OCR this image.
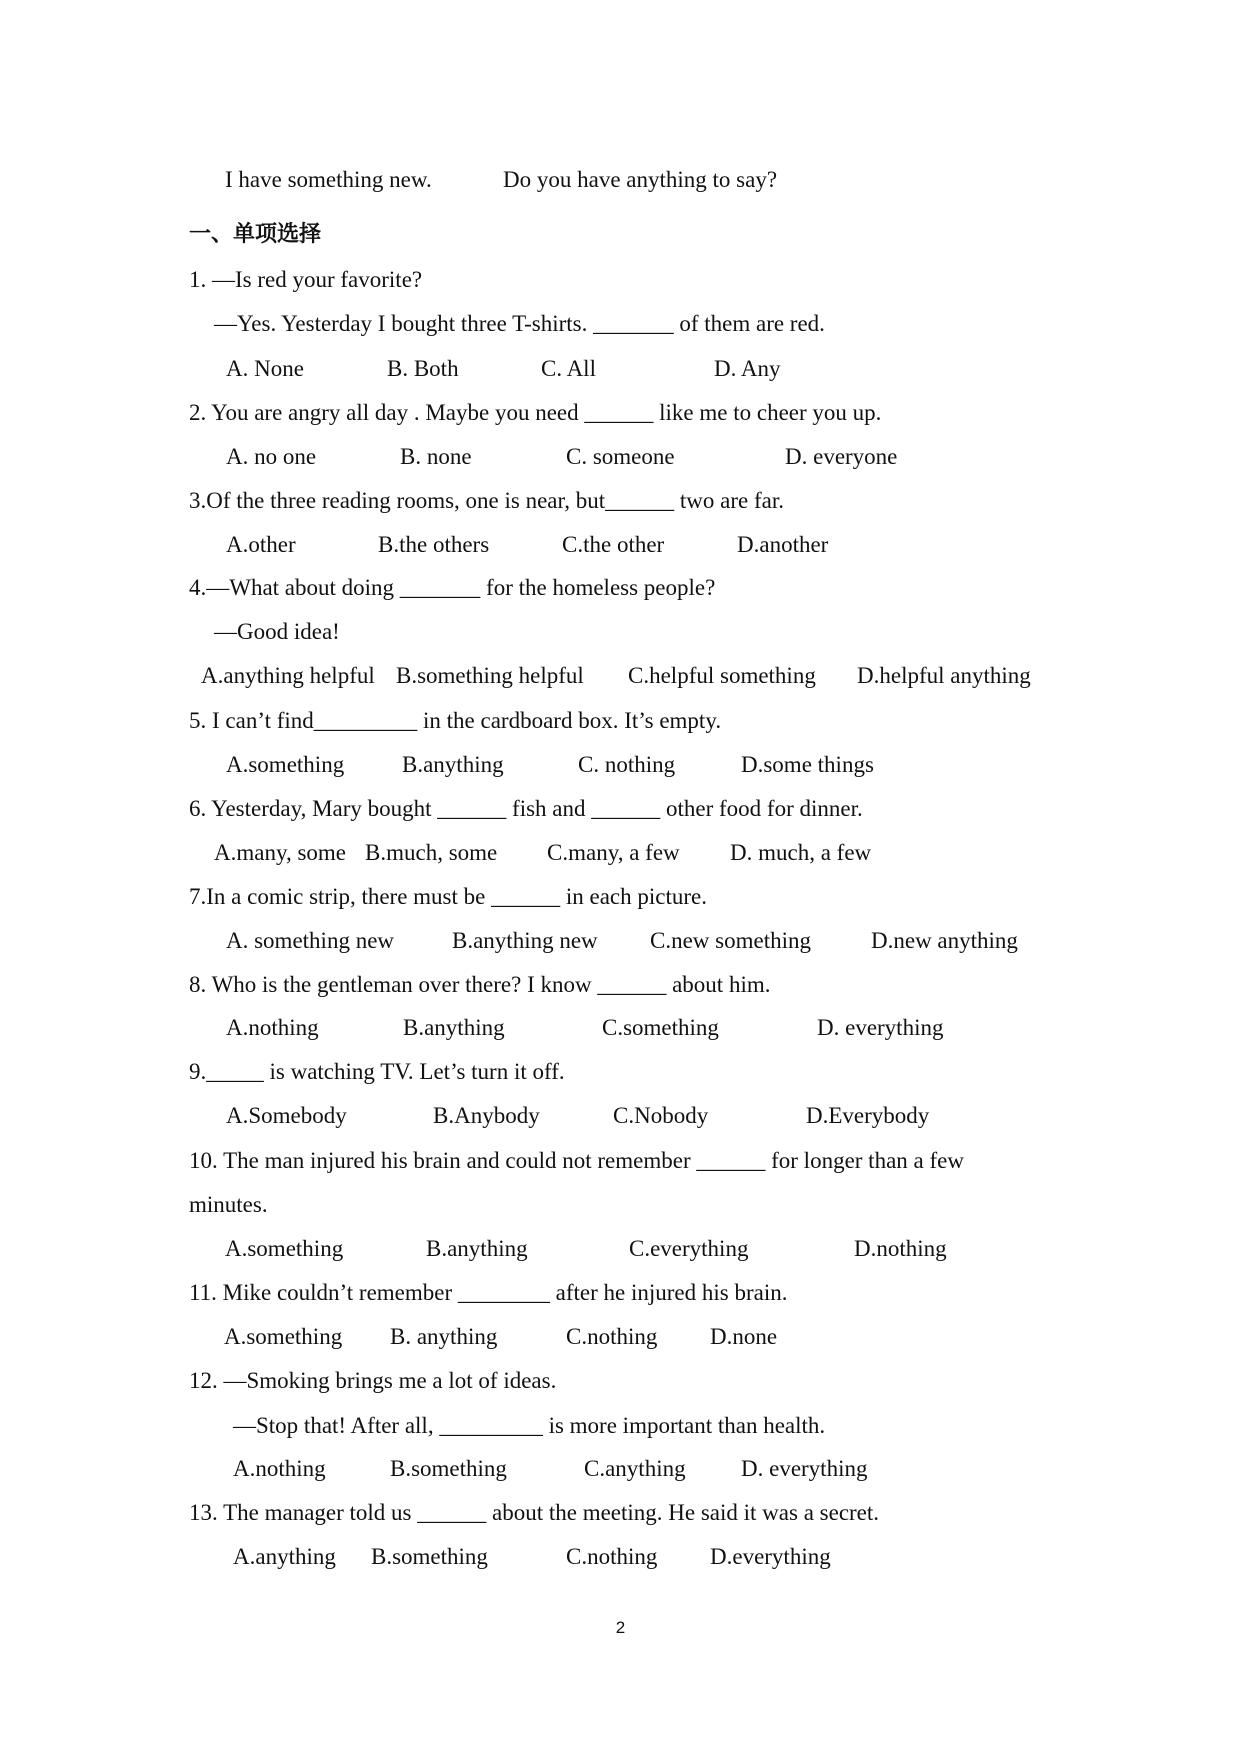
I have something new.	Do you have anything to say?
一、单项选择
1. —Is red your favorite?
—Yes. Yesterday I bought three T-shirts. _______ of them are red.
A. None	B. Both	C. All	D. Any
2. You are angry all day . Maybe you need ______ like me to cheer you up.
A. no one	B. none	C. someone	D. everyone
3.Of the three reading rooms, one is near, but______ two are far.
A.other	B.the others	C.the other	D.another
4.—What about doing _______ for the homeless people?
—Good idea!
A.anything helpful B.something helpful C.helpful something D.helpful anything
5. I can’t find_________ in the cardboard box. It’s empty.
A.something	B.anything	C. nothing	D.some things
6. Yesterday, Mary bought ______ fish and ______ other food for dinner.
A.many, some B.much, some C.many, a few D. much, a few
7.In a comic strip, there must be ______ in each picture.
A. something new	B.anything new C.new something	D.new anything
8. Who is the gentleman over there? I know ______ about him.
A.nothing	B.anything	C.something	D. everything
9._____ is watching TV. Let’s turn it off.
A.Somebody	B.Anybody	C.Nobody	D.Everybody
10. The man injured his brain and could not remember ______ for longer than a few
minutes.
A.something	B.anything	C.everything	D.nothing
11. Mike couldn’t remember ________ after he injured his brain.
A.something B. anything	C.nothing D.none
12. —Smoking brings me a lot of ideas.
—Stop that! After all, _________ is more important than health.
A.nothing	B.something	C.anything D. everything
13. The manager told us ______ about the meeting. He said it was a secret.
A.anything B.something	C.nothing D.everything
2
